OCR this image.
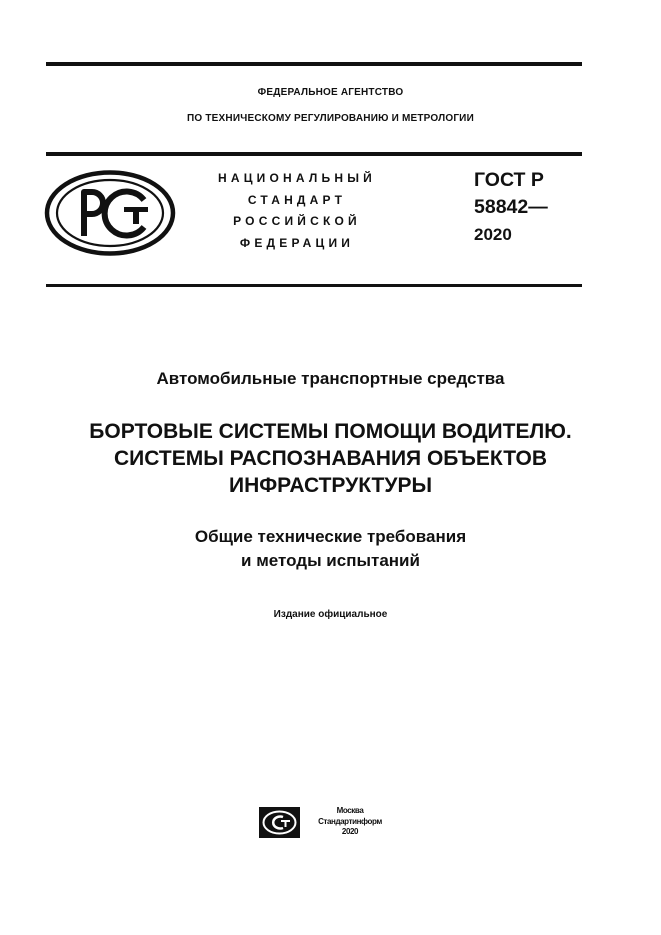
ФЕДЕРАЛЬНОЕ АГЕНТСТВО
ПО ТЕХНИЧЕСКОМУ РЕГУЛИРОВАНИЮ И МЕТРОЛОГИИ
НАЦИОНАЛЬНЫЙ
СТАНДАРТ
РОССИЙСКОЙ
ФЕДЕРАЦИИ
ГОСТ Р
58842—
2020
Автомобильные транспортные средства
БОРТОВЫЕ СИСТЕМЫ ПОМОЩИ ВОДИТЕЛЮ.
СИСТЕМЫ РАСПОЗНАВАНИЯ ОБЪЕКТОВ
ИНФРАСТРУКТУРЫ
Общие технические требования
и методы испытаний
Издание официальное
Москва
Стандартинформ
2020
